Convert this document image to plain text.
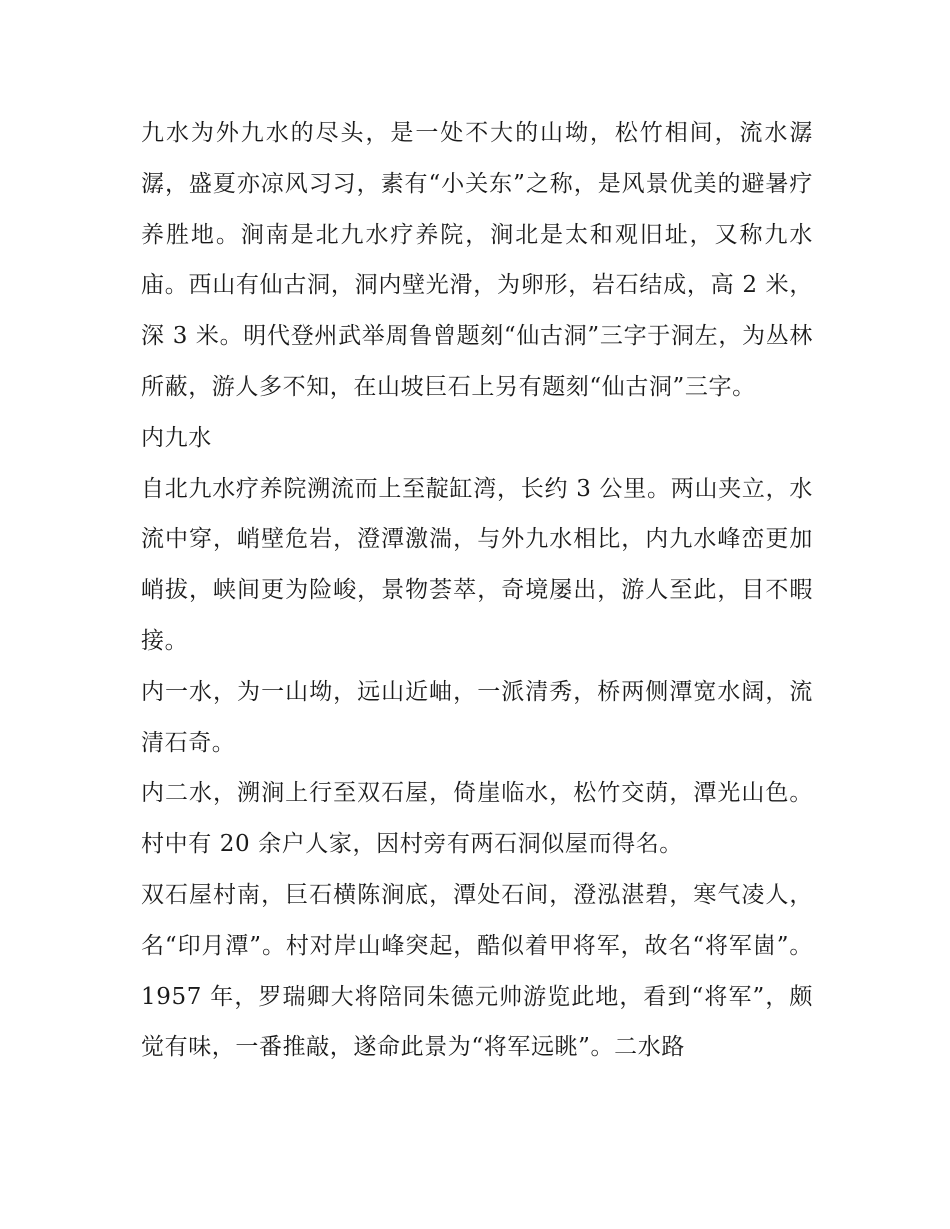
九水为外九水的尽头，是一处不大的山坳，松竹相间，流水潺潺，盛夏亦凉风习习，素有“小关东”之称，是风景优美的避暑疗养胜地。涧南是北九水疗养院，涧北是太和观旧址，又称九水庙。西山有仙古洞，洞内壁光滑，为卵形，岩石结成，高 2 米，深 3 米。明代登州武举周鲁曾题刻“仙古洞”三字于洞左，为丛林所蔽，游人多不知，在山坡巨石上另有题刻“仙古洞”三字。

内九水

自北九水疗养院溯流而上至靛缸湾，长约 3 公里。两山夹立，水流中穿，峭壁危岩，澄潭激湍，与外九水相比，内九水峰峦更加峭拔，峡间更为险峻，景物荟萃，奇境屡出，游人至此，目不暇接。

内一水，为一山坳，远山近岫，一派清秀，桥两侧潭宽水阔，流清石奇。

内二水，溯涧上行至双石屋，倚崖临水，松竹交荫，潭光山色。村中有 20 余户人家，因村旁有两石洞似屋而得名。

双石屋村南，巨石横陈涧底，潭处石间，澄泓湛碧，寒气凌人，名“印月潭”。村对岸山峰突起，酷似着甲将军，故名“将军崮”。1957 年，罗瑞卿大将陪同朱德元帅游览此地，看到“将军”，颇觉有味，一番推敲，遂命此景为“将军远眺”。二水路
